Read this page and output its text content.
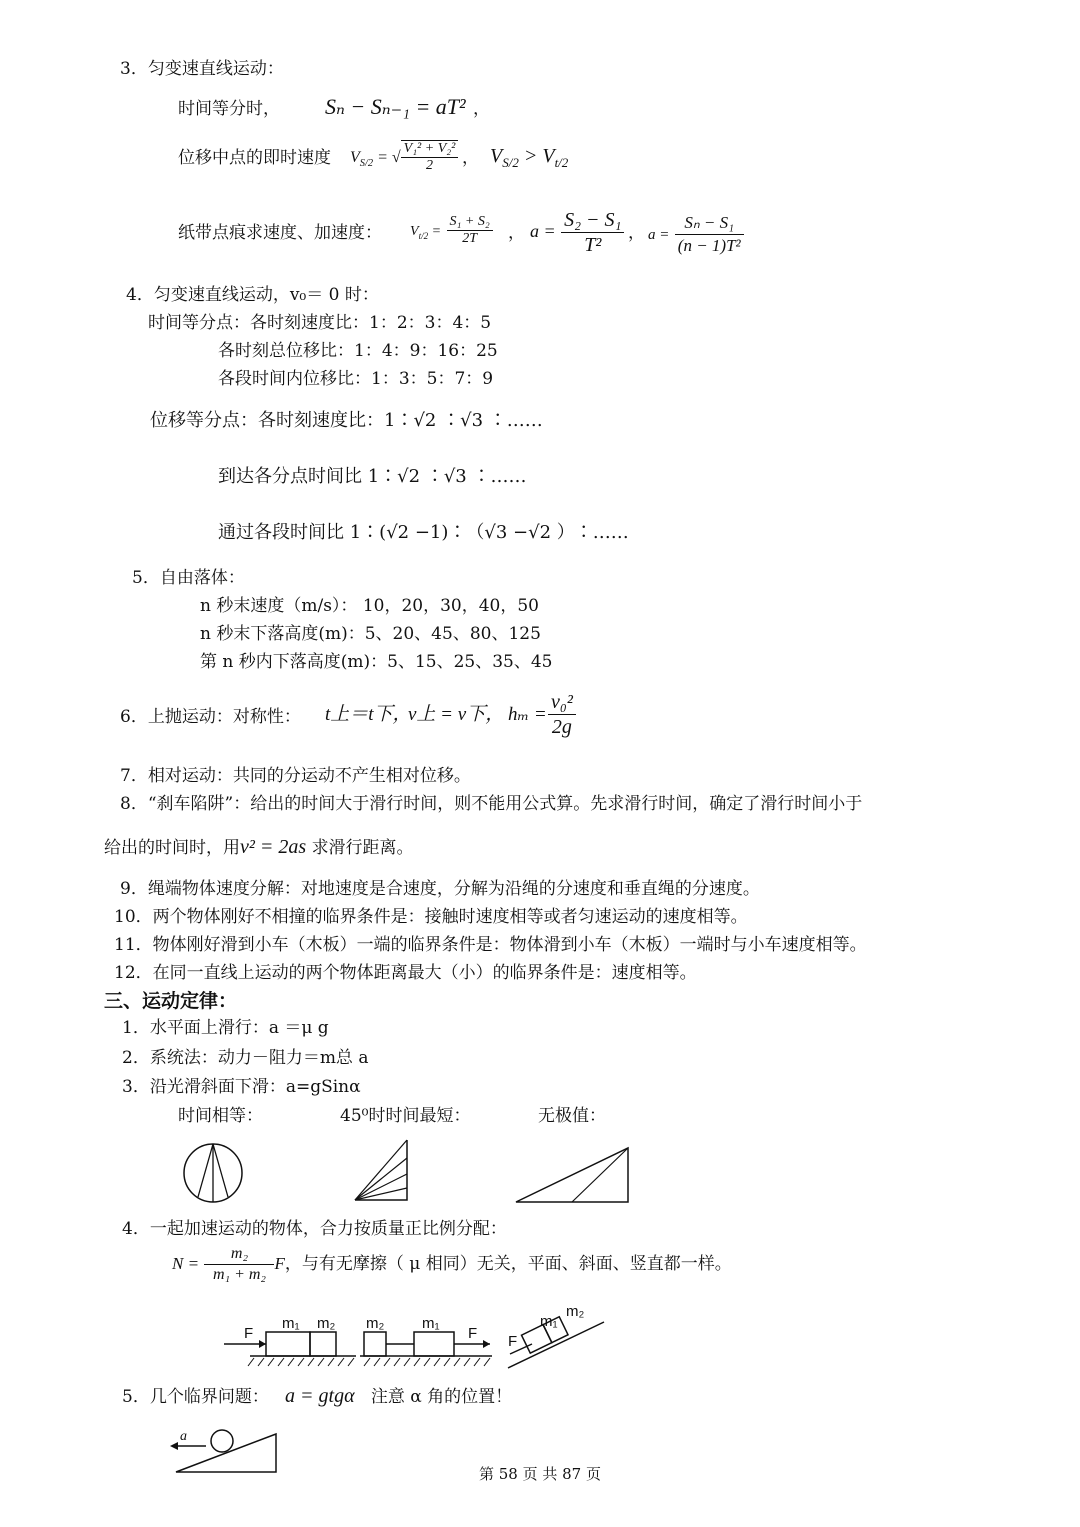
3．匀变速直线运动：
时间等分时， Sₙ − Sₙ₋₁ = aT² ，
位移中点的即时速度 $V_{S/2}$ = √ $\frac{\text{V₁² + V₂²}}{2}$ ， $V_{S/2} > V_{t/2}$
纸带点痕求速度、加速度： $V_{t/2} = \frac{\text{S₁ + S₂}}{2T}$ ， $a = \frac{\text{S₂ − S₁}}{\text{T²}}$ ， $a = \frac{\text{Sₙ − S₁}}{\text{(n − 1)T²}}$
4．匀变速直线运动，v₀＝ 0 时：
时间等分点：各时刻速度比：1：2：3：4：5
各时刻总位移比：1：4：9：16：25
各段时间内位移比：1：3：5：7：9
位移等分点：各时刻速度比：1∶√2 ∶√3 ∶……
到达各分点时间比 1∶√2 ∶√3 ∶……
通过各段时间比 1∶(√2 −1)∶（√3 −√2 ）∶……
5．自由落体：
n 秒末速度（m/s）： 10，20，30，40，50
n 秒末下落高度(m)：5、20、45、80、125
第 n 秒内下落高度(m)：5、15、25、35、45
6．上抛运动：对称性： t上＝t下，
v上 = v下， $h_m = \frac{\text{v₀²}}{2g}$
7．相对运动：共同的分运动不产生相对位移。
8．“刹车陷阱”：给出的时间大于滑行时间，则不能用公式算。先求滑行时间，确定了滑行时间小于
给出的时间时，用v² = 2as 求滑行距离。
9．绳端物体速度分解：对地速度是合速度，分解为沿绳的分速度和垂直绳的分速度。
10．两个物体刚好不相撞的临界条件是：接触时速度相等或者匀速运动的速度相等。
11．物体刚好滑到小车（木板）一端的临界条件是：物体滑到小车（木板）一端时与小车速度相等。
12．在同一直线上运动的两个物体距离最大（小）的临界条件是：速度相等。
三、运动定律：
1．水平面上滑行：a ＝μ g
2．系统法：动力－阻力＝m总 a
3．沿光滑斜面下滑：a=gSinα
时间相等：	45⁰时时间最短：	无极值：
4．一起加速运动的物体，合力按质量正比例分配：
$N = \frac{\text{m₂}}{\text{m₁ + m₂}}$ F，与有无摩擦（ μ 相同）无关，平面、斜面、竖直都一样。
F
m₁ m₂ m₂	m₁
F
m₁
m₂
F
5．几个临界问题： a = gtgα 注意 α 角的位置！
a
第 58 页 共 87 页
